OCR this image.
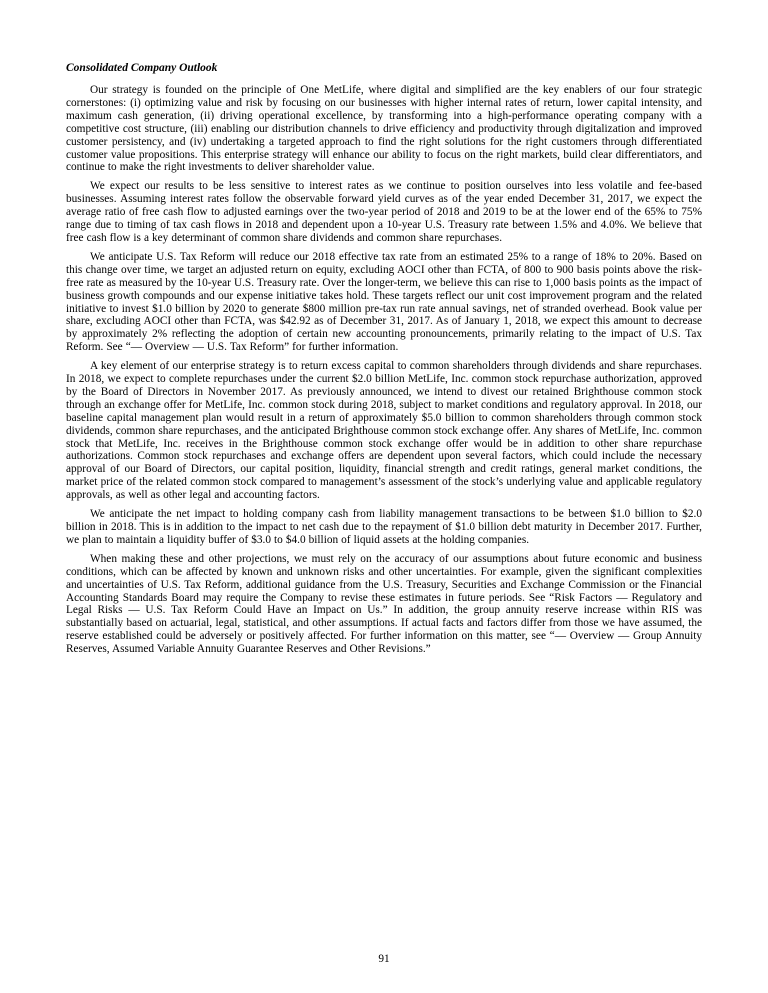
Consolidated Company Outlook

Our strategy is founded on the principle of One MetLife, where digital and simplified are the key enablers of our four strategic cornerstones: (i) optimizing value and risk by focusing on our businesses with higher internal rates of return, lower capital intensity, and maximum cash generation, (ii) driving operational excellence, by transforming into a high-performance operating company with a competitive cost structure, (iii) enabling our distribution channels to drive efficiency and productivity through digitalization and improved customer persistency, and (iv) undertaking a targeted approach to find the right solutions for the right customers through differentiated customer value propositions. This enterprise strategy will enhance our ability to focus on the right markets, build clear differentiators, and continue to make the right investments to deliver shareholder value.

We expect our results to be less sensitive to interest rates as we continue to position ourselves into less volatile and fee-based businesses. Assuming interest rates follow the observable forward yield curves as of the year ended December 31, 2017, we expect the average ratio of free cash flow to adjusted earnings over the two-year period of 2018 and 2019 to be at the lower end of the 65% to 75% range due to timing of tax cash flows in 2018 and dependent upon a 10-year U.S. Treasury rate between 1.5% and 4.0%. We believe that free cash flow is a key determinant of common share dividends and common share repurchases.

We anticipate U.S. Tax Reform will reduce our 2018 effective tax rate from an estimated 25% to a range of 18% to 20%. Based on this change over time, we target an adjusted return on equity, excluding AOCI other than FCTA, of 800 to 900 basis points above the risk-free rate as measured by the 10-year U.S. Treasury rate. Over the longer-term, we believe this can rise to 1,000 basis points as the impact of business growth compounds and our expense initiative takes hold. These targets reflect our unit cost improvement program and the related initiative to invest $1.0 billion by 2020 to generate $800 million pre-tax run rate annual savings, net of stranded overhead. Book value per share, excluding AOCI other than FCTA, was $42.92 as of December 31, 2017. As of January 1, 2018, we expect this amount to decrease by approximately 2% reflecting the adoption of certain new accounting pronouncements, primarily relating to the impact of U.S. Tax Reform. See “— Overview — U.S. Tax Reform” for further information.

A key element of our enterprise strategy is to return excess capital to common shareholders through dividends and share repurchases. In 2018, we expect to complete repurchases under the current $2.0 billion MetLife, Inc. common stock repurchase authorization, approved by the Board of Directors in November 2017. As previously announced, we intend to divest our retained Brighthouse common stock through an exchange offer for MetLife, Inc. common stock during 2018, subject to market conditions and regulatory approval. In 2018, our baseline capital management plan would result in a return of approximately $5.0 billion to common shareholders through common stock dividends, common share repurchases, and the anticipated Brighthouse common stock exchange offer. Any shares of MetLife, Inc. common stock that MetLife, Inc. receives in the Brighthouse common stock exchange offer would be in addition to other share repurchase authorizations. Common stock repurchases and exchange offers are dependent upon several factors, which could include the necessary approval of our Board of Directors, our capital position, liquidity, financial strength and credit ratings, general market conditions, the market price of the related common stock compared to management’s assessment of the stock’s underlying value and applicable regulatory approvals, as well as other legal and accounting factors.

We anticipate the net impact to holding company cash from liability management transactions to be between $1.0 billion to $2.0 billion in 2018. This is in addition to the impact to net cash due to the repayment of $1.0 billion debt maturity in December 2017. Further, we plan to maintain a liquidity buffer of $3.0 to $4.0 billion of liquid assets at the holding companies.

When making these and other projections, we must rely on the accuracy of our assumptions about future economic and business conditions, which can be affected by known and unknown risks and other uncertainties. For example, given the significant complexities and uncertainties of U.S. Tax Reform, additional guidance from the U.S. Treasury, Securities and Exchange Commission or the Financial Accounting Standards Board may require the Company to revise these estimates in future periods. See “Risk Factors — Regulatory and Legal Risks — U.S. Tax Reform Could Have an Impact on Us.” In addition, the group annuity reserve increase within RIS was substantially based on actuarial, legal, statistical, and other assumptions. If actual facts and factors differ from those we have assumed, the reserve established could be adversely or positively affected. For further information on this matter, see “— Overview — Group Annuity Reserves, Assumed Variable Annuity Guarantee Reserves and Other Revisions.”

91
